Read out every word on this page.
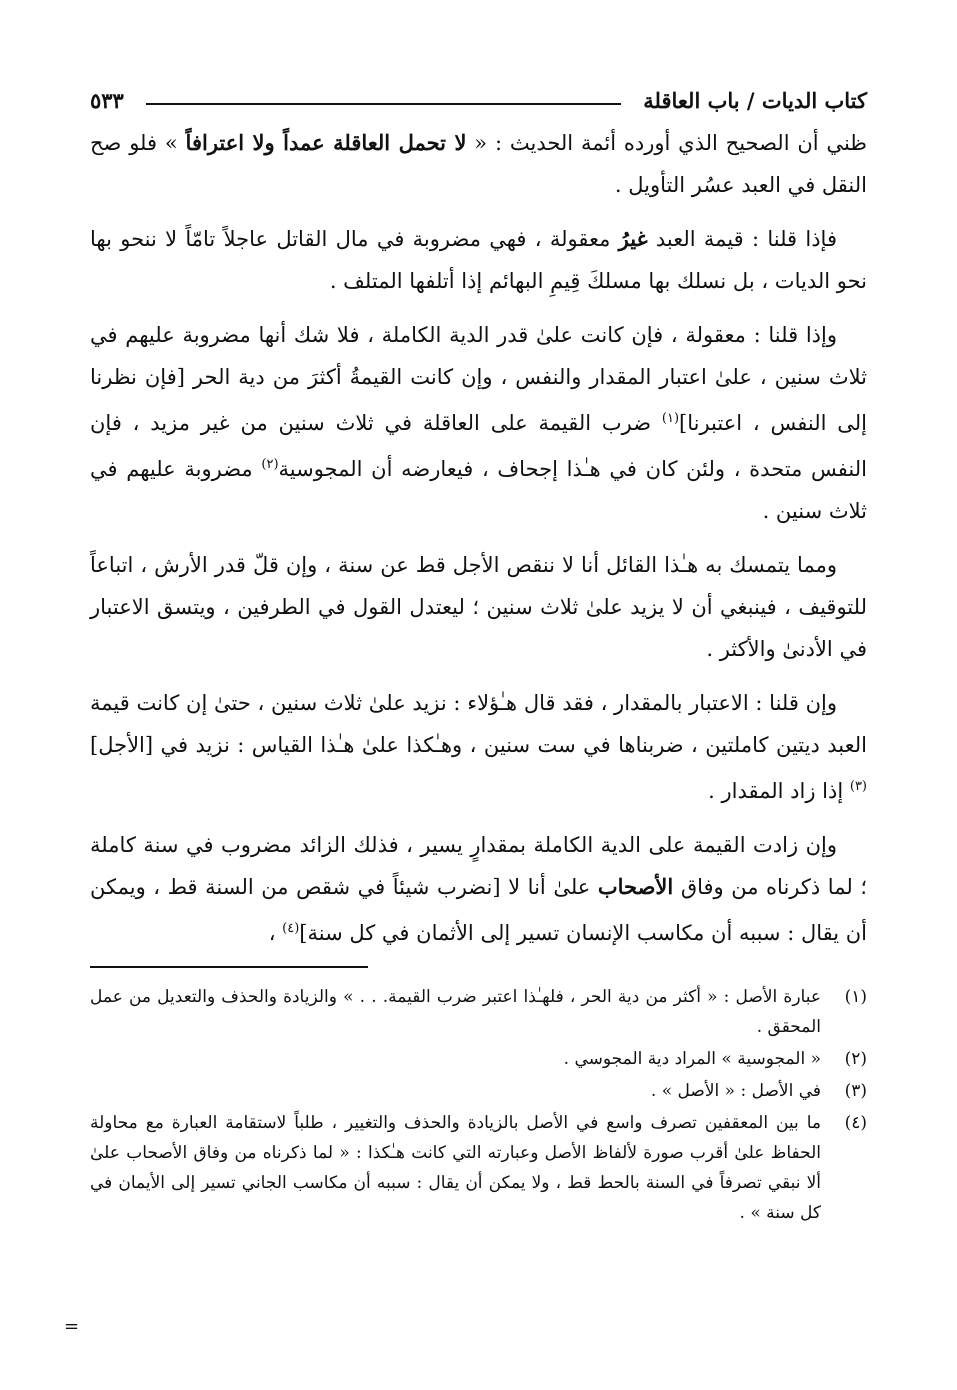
كتاب الديات / باب العاقلة
٥٣٣

ظني أن الصحيح الذي أورده أئمة الحديث : « لا تحمل العاقلة عمداً ولا اعترافاً » فلو صح النقل في العبد عسُر التأويل .

فإذا قلنا : قيمة العبد غيرُ معقولة ، فهي مضروبة في مال القاتل عاجلاً تامّاً لا ننحو بها نحو الديات ، بل نسلك بها مسلكَ قِيمِ البهائم إذا أتلفها المتلف .

وإذا قلنا : معقولة ، فإن كانت علىٰ قدر الدية الكاملة ، فلا شك أنها مضروبة عليهم في ثلاث سنين ، علىٰ اعتبار المقدار والنفس ، وإن كانت القيمةُ أكثرَ من دية الحر [فإن نظرنا إلى النفس ، اعتبرنا]$^{(١)}$ ضرب القيمة على العاقلة في ثلاث سنين من غير مزيد ، فإن النفس متحدة ، ولئن كان في هـٰذا إجحاف ، فيعارضه أن المجوسية$^{(٢)}$ مضروبة عليهم في ثلاث سنين .

ومما يتمسك به هـٰذا القائل أنا لا ننقص الأجل قط عن سنة ، وإن قلّ قدر الأرش ، اتباعاً للتوقيف ، فينبغي أن لا يزيد علىٰ ثلاث سنين ؛ ليعتدل القول في الطرفين ، ويتسق الاعتبار في الأدنىٰ والأكثر .

وإن قلنا : الاعتبار بالمقدار ، فقد قال هـٰؤلاء : نزيد علىٰ ثلاث سنين ، حتىٰ إن كانت قيمة العبد ديتين كاملتين ، ضربناها في ست سنين ، وهـٰكذا علىٰ هـٰذا القياس : نزيد في [الأجل]$^{(٣)}$ إذا زاد المقدار .

وإن زادت القيمة على الدية الكاملة بمقدارٍ يسير ، فذلك الزائد مضروب في سنة كاملة ؛ لما ذكرناه من وفاق الأصحاب علىٰ أنا لا [نضرب شيئاً في شقص من السنة قط ، ويمكن أن يقال : سببه أن مكاسب الإنسان تسير إلى الأثمان في كل سنة]$^{(٤)}$ ،

(١)
عبارة الأصل : « أكثر من دية الحر ، فلهـٰذا اعتبر ضرب القيمة. . . » والزيادة والحذف والتعديل من عمل المحقق .
(٢)
« المجوسية » المراد دية المجوسي .
(٣)
في الأصل : « الأصل » .
(٤)
ما بين المعقفين تصرف واسع في الأصل بالزيادة والحذف والتغيير ، طلباً لاستقامة العبارة مع محاولة الحفاظ علىٰ أقرب صورة لألفاظ الأصل وعبارته التي كانت هـٰكذا : « لما ذكرناه من وفاق الأصحاب علىٰ ألا نبقي تصرفاً في السنة بالحط قط ، ولا يمكن أن يقال : سببه أن مكاسب الجاني تسير إلى الأيمان في كل سنة » .
=
